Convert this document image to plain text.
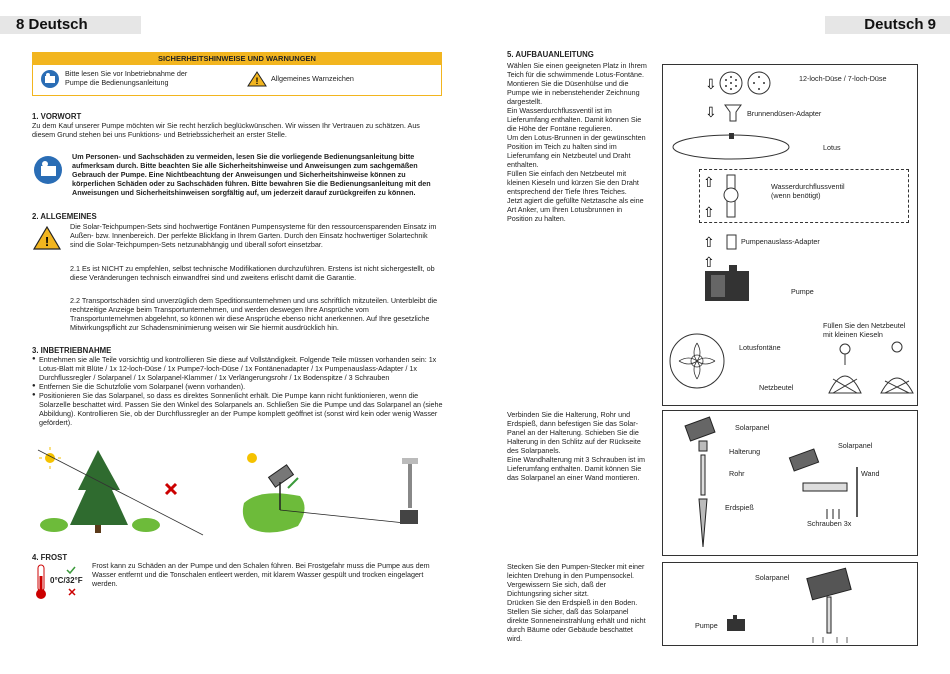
8 Deutsch	Deutsch 9
SICHERHEITSHINWEISE UND WARNUNGEN
Bitte lesen Sie vor Inbetriebnahme der Pumpe die Bedienungsanleitung	! Allgemeines Warnzeichen
1. VORWORT
Zu dem Kauf unserer Pumpe möchten wir Sie recht herzlich beglückwünschen. Wir wissen Ihr Vertrauen zu schätzen. Aus diesem Grund stehen bei uns Funktions- und Betriebssicherheit an erster Stelle.
Um Personen- und Sachschäden zu vermeiden, lesen Sie die vorliegende Bedienungsanleitung bitte aufmerksam durch. Bitte beachten Sie alle Sicherheitshinweise und Anweisungen zum sachgemäßen Gebrauch der Pumpe. Eine Nichtbeachtung der Anweisungen und Sicherheitshinweise können zu körperlichen Schäden oder zu Sachschäden führen. Bitte bewahren Sie die Bedienungsanleitung mit den Anweisungen und Sicherheitshinweisen sorgfältig auf, um jederzeit darauf zurückgreifen zu können.
2. ALLGEMEINES
!
Die Solar-Teichpumpen-Sets sind hochwertige Fontänen Pumpensysteme für den ressourcensparenden Einsatz im Außen- bzw. Innenbereich. Der perfekte Blickfang in Ihrem Garten. Durch den Einsatz hochwertiger Solartechnik sind die Solar-Teichpumpen-Sets netzunabhängig und überall sofort einsetzbar.
2.1 Es ist NICHT zu empfehlen, selbst technische Modifikationen durchzuführen. Erstens ist nicht sichergestellt, ob diese Veränderungen technisch einwandfrei sind und zweitens erlischt damit die Garantie.
2.2 Transportschäden sind unverzüglich dem Speditionsunternehmen und uns schriftlich mitzuteilen. Unterbleibt die rechtzeitige Anzeige beim Transportunternehmen, und werden deswegen Ihre Ansprüche vom Transportunternehmen abgelehnt, so können wir diese Ansprüche ebenso nicht anerkennen. Auf Ihre gesetzliche Mitwirkungspflicht zur Schadensminimierung weisen wir Sie hiermit ausdrücklich hin.
3. INBETRIEBNAHME

● Entnehmen sie alle Teile vorsichtig und kontrollieren Sie diese auf Vollständigkeit. Folgende Teile müssen vorhanden sein: 1x Lotus-Blatt mit Blüte / 1x 12-loch-Düse / 1x Pumpe7-loch-Düse / 1x Fontänenadapter / 1x Pumpenauslass-Adapter / 1x Durchflussregler / Solarpanel / 1x Solarpanel-Klammer / 1x Verlängerungsrohr / 1x Bodenspitze / 3 Schrauben

● Entfernen Sie die Schutzfolie vom Solarpanel (wenn vorhanden).

● Positionieren Sie das Solarpanel, so dass es direktes Sonnenlicht erhält. Die Pumpe kann nicht funktionieren, wenn die Solarzelle beschattet wird. Passen Sie den Winkel des Solarpanels an. Schließen Sie die Pumpe und das Solarpanel an (siehe Abbildung). Kontrollieren Sie, ob der Durchflussregler an der Pumpe komplett geöffnet ist (sonst wird kein oder wenig Wasser gefördert).

4. FROST
0°C/32°F
Frost kann zu Schäden an der Pumpe und den Schalen führen. Bei Frostgefahr muss die Pumpe aus dem Wasser entfernt und die Tonschalen entleert werden, mit klarem Wasser gespült und trocken eingelagert werden.
5. AUFBAUANLEITUNG

Wählen Sie einen geeigneten Platz in Ihrem Teich für die schwimmende Lotus-Fontäne.

Montieren Sie die Düsenhülse und die Pumpe wie in nebenstehender Zeichnung dargestellt.

Ein Wasserdurchflussventil ist im Lieferumfang enthalten. Damit können Sie die Höhe der Fontäne regulieren.

Um den Lotus-Brunnen in der gewünschten Position im Teich zu halten sind im Lieferumfang ein Netzbeutel und Draht enthalten.

Füllen Sie einfach den Netzbeutel mit kleinen Kieseln und kürzen Sie den Draht entsprechend der Tiefe Ihres Teiches.

Jetzt agiert die gefüllte Netztasche als eine Art Anker, um Ihren Lotusbrunnen in Position zu halten.

⇩	12-loch-Düse / 7-loch-Düse
⇩	Brunnendüsen-Adapter
Lotus
⇧
⇧
Wasserdurchflussventil
(wenn benötigt)
⇧	Pumpenauslass-Adapter
⇧
Pumpe
Lotusfontäne
Füllen Sie den Netzbeutel mit kleinen Kieseln
Netzbeutel

Verbinden Sie die Halterung, Rohr und Erdspieß, dann befestigen Sie das Solar-Panel an der Halterung. Schieben Sie die Halterung in den Schlitz auf der Rückseite des Solarpanels.

Eine Wandhalterung mit 3 Schrauben ist im Lieferumfang enthalten. Damit können Sie das Solarpanel an einer Wand montieren.

Solarpanel
Halterung
Rohr
Erdspieß
Solarpanel
Wand
Schrauben 3x

Stecken Sie den Pumpen-Stecker mit einer leichten Drehung in den Pumpensockel. Vergewissern Sie sich, daß der Dichtungsring sicher sitzt.

Drücken Sie den Erdspieß in den Boden. Stellen Sie sicher, daß das Solarpanel direkte Sonneneinstrahlung erhält und nicht durch Bäume oder Gebäude beschattet wird.

Solarpanel
Pumpe
